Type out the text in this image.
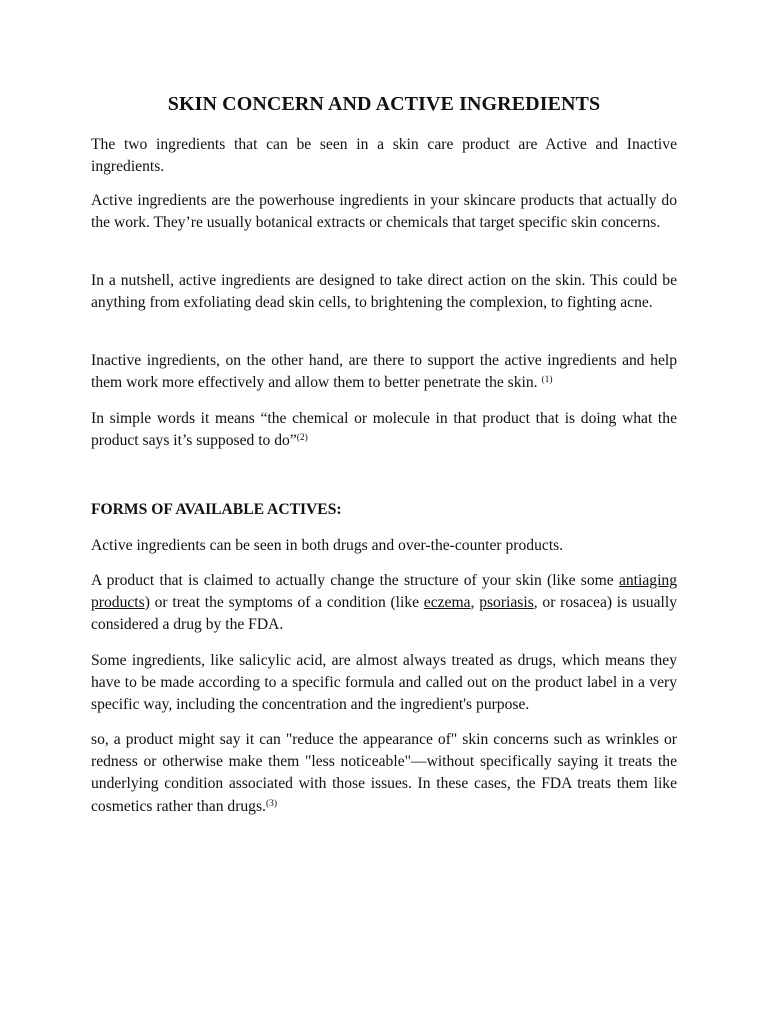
SKIN CONCERN AND ACTIVE INGREDIENTS

The two ingredients that can be seen in a skin care product are Active and Inactive ingredients.

Active ingredients are the powerhouse ingredients in your skincare products that actually do the work. They’re usually botanical extracts or chemicals that target specific skin concerns.

In a nutshell, active ingredients are designed to take direct action on the skin. This could be anything from exfoliating dead skin cells, to brightening the complexion, to fighting acne.

Inactive ingredients, on the other hand, are there to support the active ingredients and help them work more effectively and allow them to better penetrate the skin. $^{(1)}$

In simple words it means “the chemical or molecule in that product that is doing what the product says it’s supposed to do”$^{(2)}$

FORMS OF AVAILABLE ACTIVES:

Active ingredients can be seen in both drugs and over-the-counter products.

A product that is claimed to actually change the structure of your skin (like some antiaging products) or treat the symptoms of a condition (like eczema, psoriasis, or rosacea) is usually considered a drug by the FDA.

Some ingredients, like salicylic acid, are almost always treated as drugs, which means they have to be made according to a specific formula and called out on the product label in a very specific way, including the concentration and the ingredient's purpose.

so, a product might say it can "reduce the appearance of" skin concerns such as wrinkles or redness or otherwise make them "less noticeable"—without specifically saying it treats the underlying condition associated with those issues. In these cases, the FDA treats them like cosmetics rather than drugs.$^{(3)}$
